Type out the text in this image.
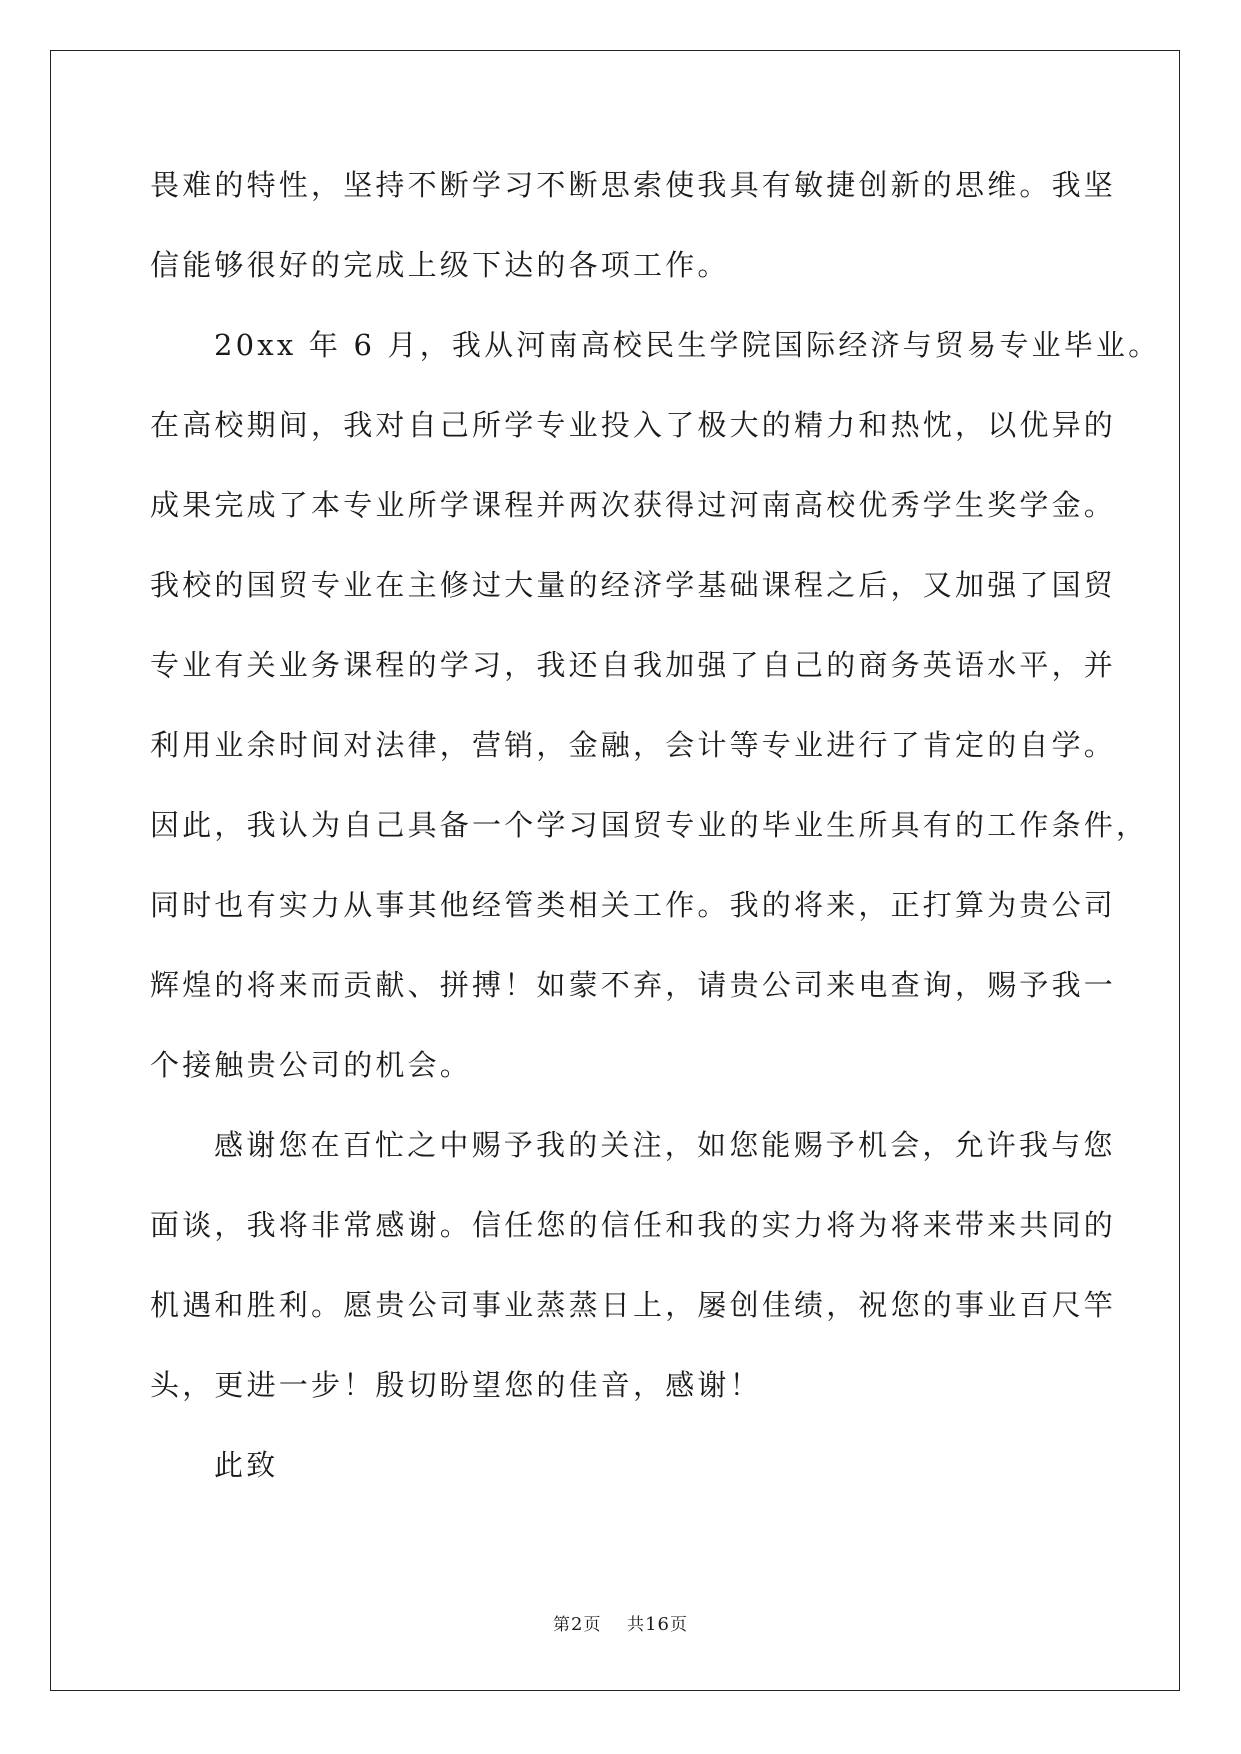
畏难的特性，坚持不断学习不断思索使我具有敏捷创新的思维。我坚
信能够很好的完成上级下达的各项工作。
20xx 年 6 月，我从河南高校民生学院国际经济与贸易专业毕业。
在高校期间，我对自己所学专业投入了极大的精力和热忱，以优异的
成果完成了本专业所学课程并两次获得过河南高校优秀学生奖学金。
我校的国贸专业在主修过大量的经济学基础课程之后，又加强了国贸
专业有关业务课程的学习，我还自我加强了自己的商务英语水平，并
利用业余时间对法律，营销，金融，会计等专业进行了肯定的自学。
因此，我认为自己具备一个学习国贸专业的毕业生所具有的工作条件，
同时也有实力从事其他经管类相关工作。我的将来，正打算为贵公司
辉煌的将来而贡献、拼搏！如蒙不弃，请贵公司来电查询，赐予我一
个接触贵公司的机会。
感谢您在百忙之中赐予我的关注，如您能赐予机会，允许我与您
面谈，我将非常感谢。信任您的信任和我的实力将为将来带来共同的
机遇和胜利。愿贵公司事业蒸蒸日上，屡创佳绩，祝您的事业百尺竿
头，更进一步！殷切盼望您的佳音，感谢！
此致
第2页 共16页
